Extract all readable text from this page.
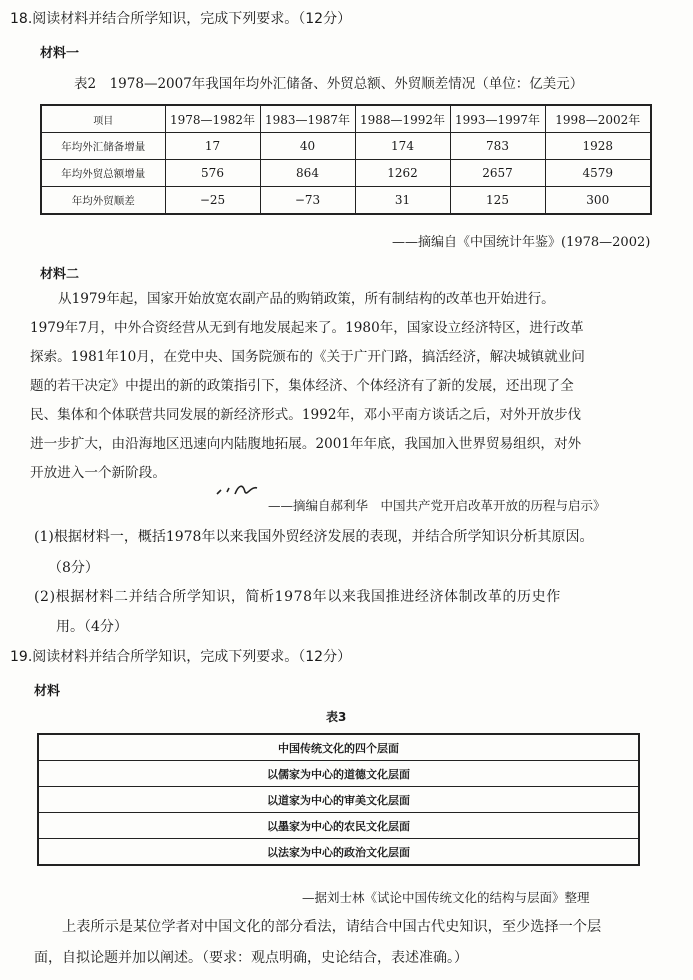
18.阅读材料并结合所学知识，完成下列要求。（12分）
材料一
表2　1978—2007年我国年均外汇储备、外贸总额、外贸顺差情况（单位：亿美元）
项目	1978—1982年	1983—1987年	1988—1992年	1993—1997年	1998—2002年
年均外汇储备增量	17	40	174	783	1928
年均外贸总额增量	576	864	1262	2657	4579
年均外贸顺差	−25	−73	31	125	300
——摘编自《中国统计年鉴》(1978—2002)
材料二
从1979年起，国家开始放宽农副产品的购销政策，所有制结构的改革也开始进行。
1979年7月，中外合资经营从无到有地发展起来了。1980年，国家设立经济特区，进行改革
探索。1981年10月，在党中央、国务院颁布的《关于广开门路，搞活经济，解决城镇就业问
题的若干决定》中提出的新的政策指引下，集体经济、个体经济有了新的发展，还出现了全
民、集体和个体联营共同发展的新经济形式。1992年，邓小平南方谈话之后，对外开放步伐
进一步扩大，由沿海地区迅速向内陆腹地拓展。2001年年底，我国加入世界贸易组织，对外
开放进入一个新阶段。
——摘编自郝利华　中国共产党开启改革开放的历程与启示》
(1)根据材料一，概括1978年以来我国外贸经济发展的表现，并结合所学知识分析其原因。
（8分）
(2)根据材料二并结合所学知识，简析1978年以来我国推进经济体制改革的历史作
用。（4分）
19.阅读材料并结合所学知识，完成下列要求。（12分）
材料
表3
中国传统文化的四个层面
以儒家为中心的道德文化层面
以道家为中心的审美文化层面
以墨家为中心的农民文化层面
以法家为中心的政治文化层面
—据刘士林《试论中国传统文化的结构与层面》整理
上表所示是某位学者对中国文化的部分看法，请结合中国古代史知识，至少选择一个层
面，自拟论题并加以阐述。（要求：观点明确，史论结合，表述准确。）
